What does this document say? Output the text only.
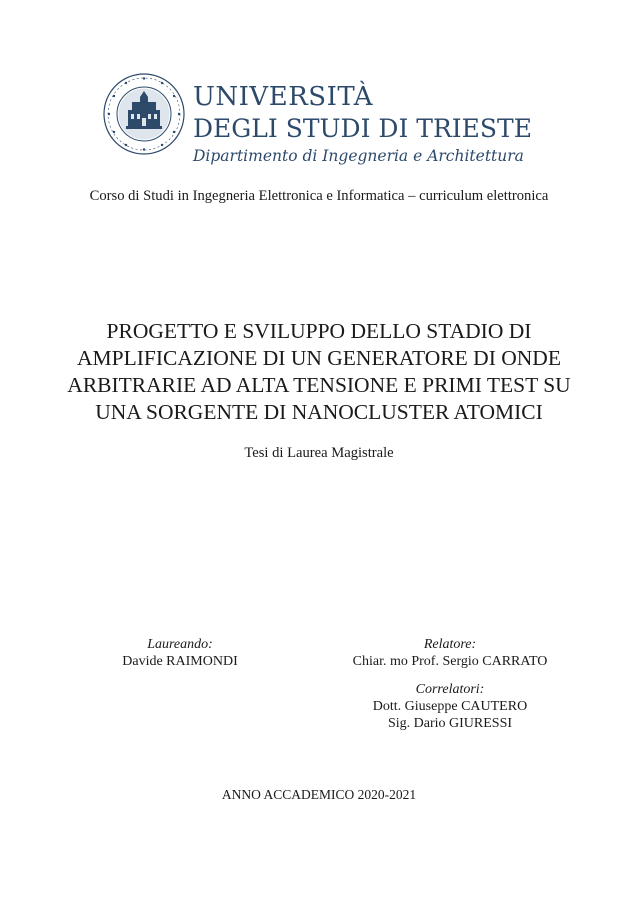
UNIVERSITÀ
DEGLI STUDI DI TRIESTE
Dipartimento di Ingegneria e Architettura
Corso di Studi in Ingegneria Elettronica e Informatica – curriculum elettronica
PROGETTO E SVILUPPO DELLO STADIO DI
AMPLIFICAZIONE DI UN GENERATORE DI ONDE
ARBITRARIE AD ALTA TENSIONE E PRIMI TEST SU
UNA SORGENTE DI NANOCLUSTER ATOMICI
Tesi di Laurea Magistrale
Laureando:
Davide RAIMONDI
Relatore:
Chiar. mo Prof. Sergio CARRATO
Correlatori:
Dott. Giuseppe CAUTERO
Sig. Dario GIURESSI
ANNO ACCADEMICO 2020-2021
